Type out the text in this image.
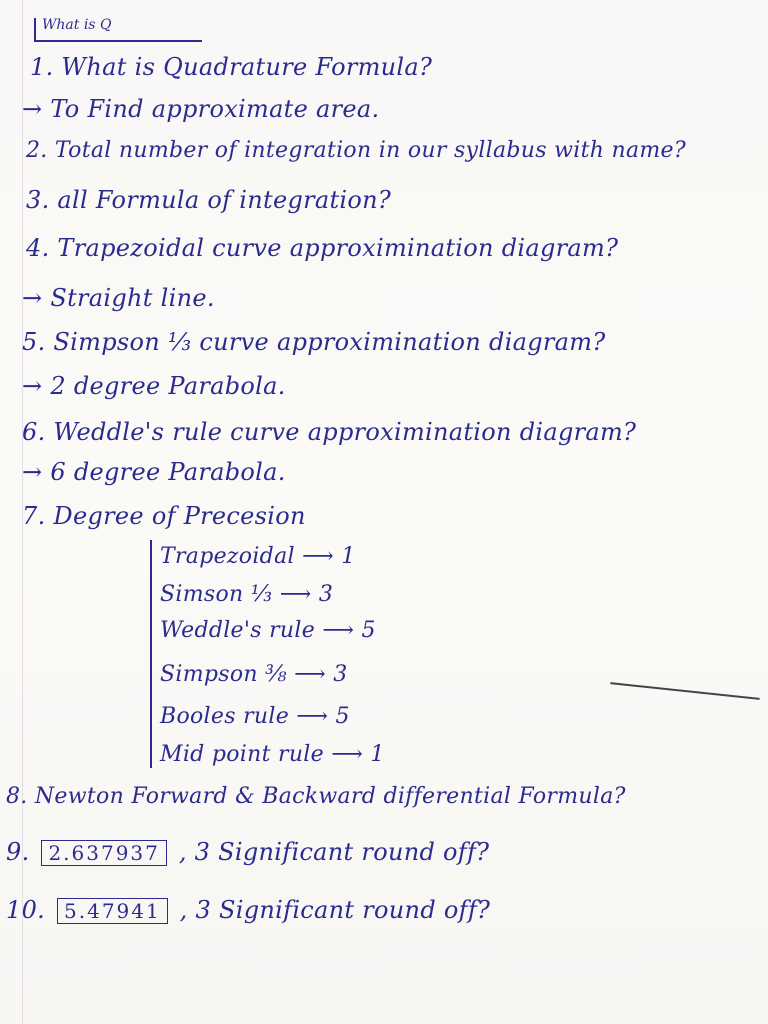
What is Q
1. What is Quadrature Formula?
→ To Find approximate area.
2. Total number of integration in our syllabus with name?
3. all Formula of integration?
4. Trapezoidal curve approximination diagram?
→ Straight line.
5. Simpson ⅓ curve approximination diagram?
→ 2 degree Parabola.
6. Weddle's rule curve approximination diagram?
→ 6 degree Parabola.
7. Degree of Precesion
Trapezoidal ⟶ 1
Simson ⅓ ⟶ 3
Weddle's rule ⟶ 5
Simpson ⅜ ⟶ 3
Booles rule ⟶ 5
Mid point rule ⟶ 1
8. Newton Forward & Backward differential Formula?
9. 2.637937 , 3 Significant round off?
10. 5.47941 , 3 Significant round off?
